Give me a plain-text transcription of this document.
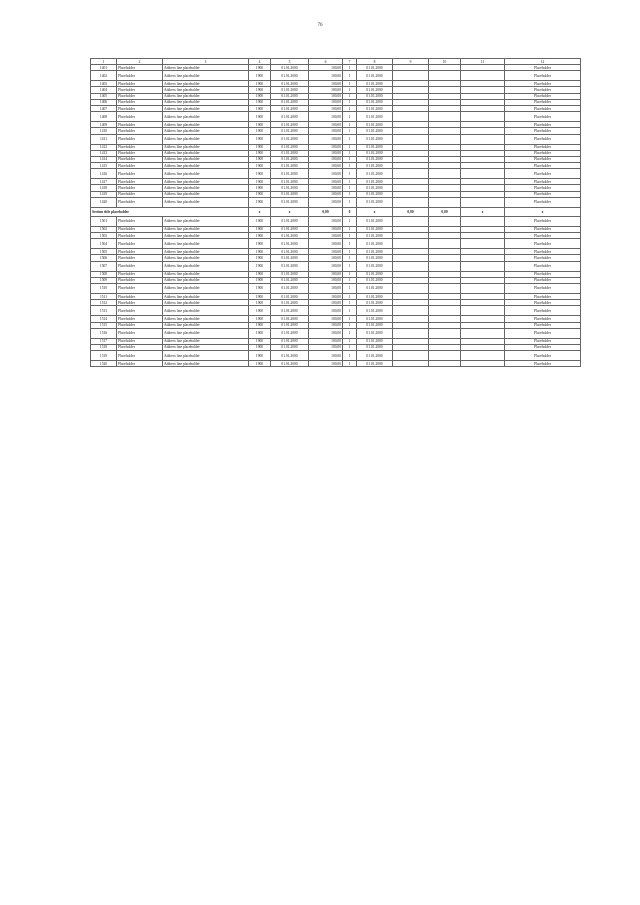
76
1	2	3	4	5	6	7	8	9	10	11	12
1401	Placeholder	Address line placeholder	1900	01.01.2000	100,00	1	01.01.2000				Placeholder
1402	Placeholder	Address line placeholder	1900	01.01.2000	100,00	1	01.01.2000				Placeholder
1403	Placeholder	Address line placeholder	1900	01.01.2000	100,00	1	01.01.2000				Placeholder
1404	Placeholder	Address line placeholder	1900	01.01.2000	100,00	1	01.01.2000				Placeholder
1405	Placeholder	Address line placeholder	1900	01.01.2000	100,00	1	01.01.2000				Placeholder
1406	Placeholder	Address line placeholder	1900	01.01.2000	100,00	1	01.01.2000				Placeholder
1407	Placeholder	Address line placeholder	1900	01.01.2000	100,00	1	01.01.2000				Placeholder
1408	Placeholder	Address line placeholder	1900	01.01.2000	100,00	1	01.01.2000				Placeholder
1409	Placeholder	Address line placeholder	1900	01.01.2000	100,00	1	01.01.2000				Placeholder
1410	Placeholder	Address line placeholder	1900	01.01.2000	100,00	1	01.01.2000				Placeholder
1411	Placeholder	Address line placeholder	1900	01.01.2000	100,00	1	01.01.2000				Placeholder
1412	Placeholder	Address line placeholder	1900	01.01.2000	100,00	1	01.01.2000				Placeholder
1413	Placeholder	Address line placeholder	1900	01.01.2000	100,00	1	01.01.2000				Placeholder
1414	Placeholder	Address line placeholder	1900	01.01.2000	100,00	1	01.01.2000				Placeholder
1415	Placeholder	Address line placeholder	1900	01.01.2000	100,00	1	01.01.2000				Placeholder
1416	Placeholder	Address line placeholder	1900	01.01.2000	100,00	1	01.01.2000				Placeholder
1417	Placeholder	Address line placeholder	1900	01.01.2000	100,00	1	01.01.2000				Placeholder
1418	Placeholder	Address line placeholder	1900	01.01.2000	100,00	1	01.01.2000				Placeholder
1419	Placeholder	Address line placeholder	1900	01.01.2000	100,00	1	01.01.2000				Placeholder
1420	Placeholder	Address line placeholder	1900	01.01.2000	100,00	1	01.01.2000				Placeholder
Section title placeholder			x	x	0,00	0	x	0,00	0,00	x	x
1501	Placeholder	Address line placeholder	1900	01.01.2000	100,00	1	01.01.2000				Placeholder
1502	Placeholder	Address line placeholder	1900	01.01.2000	100,00	1	01.01.2000				Placeholder
1503	Placeholder	Address line placeholder	1900	01.01.2000	100,00	1	01.01.2000				Placeholder
1504	Placeholder	Address line placeholder	1900	01.01.2000	100,00	1	01.01.2000				Placeholder
1505	Placeholder	Address line placeholder	1900	01.01.2000	100,00	1	01.01.2000				Placeholder
1506	Placeholder	Address line placeholder	1900	01.01.2000	100,00	1	01.01.2000				Placeholder
1507	Placeholder	Address line placeholder	1900	01.01.2000	100,00	1	01.01.2000				Placeholder
1508	Placeholder	Address line placeholder	1900	01.01.2000	100,00	1	01.01.2000				Placeholder
1509	Placeholder	Address line placeholder	1900	01.01.2000	100,00	1	01.01.2000				Placeholder
1510	Placeholder	Address line placeholder	1900	01.01.2000	100,00	1	01.01.2000				Placeholder
1511	Placeholder	Address line placeholder	1900	01.01.2000	100,00	1	01.01.2000				Placeholder
1512	Placeholder	Address line placeholder	1900	01.01.2000	100,00	1	01.01.2000				Placeholder
1513	Placeholder	Address line placeholder	1900	01.01.2000	100,00	1	01.01.2000				Placeholder
1514	Placeholder	Address line placeholder	1900	01.01.2000	100,00	1	01.01.2000				Placeholder
1515	Placeholder	Address line placeholder	1900	01.01.2000	100,00	1	01.01.2000				Placeholder
1516	Placeholder	Address line placeholder	1900	01.01.2000	100,00	1	01.01.2000				Placeholder
1517	Placeholder	Address line placeholder	1900	01.01.2000	100,00	1	01.01.2000				Placeholder
1518	Placeholder	Address line placeholder	1900	01.01.2000	100,00	1	01.01.2000				Placeholder
1519	Placeholder	Address line placeholder	1900	01.01.2000	100,00	1	01.01.2000				Placeholder
1520	Placeholder	Address line placeholder	1900	01.01.2000	100,00	1	01.01.2000				Placeholder
